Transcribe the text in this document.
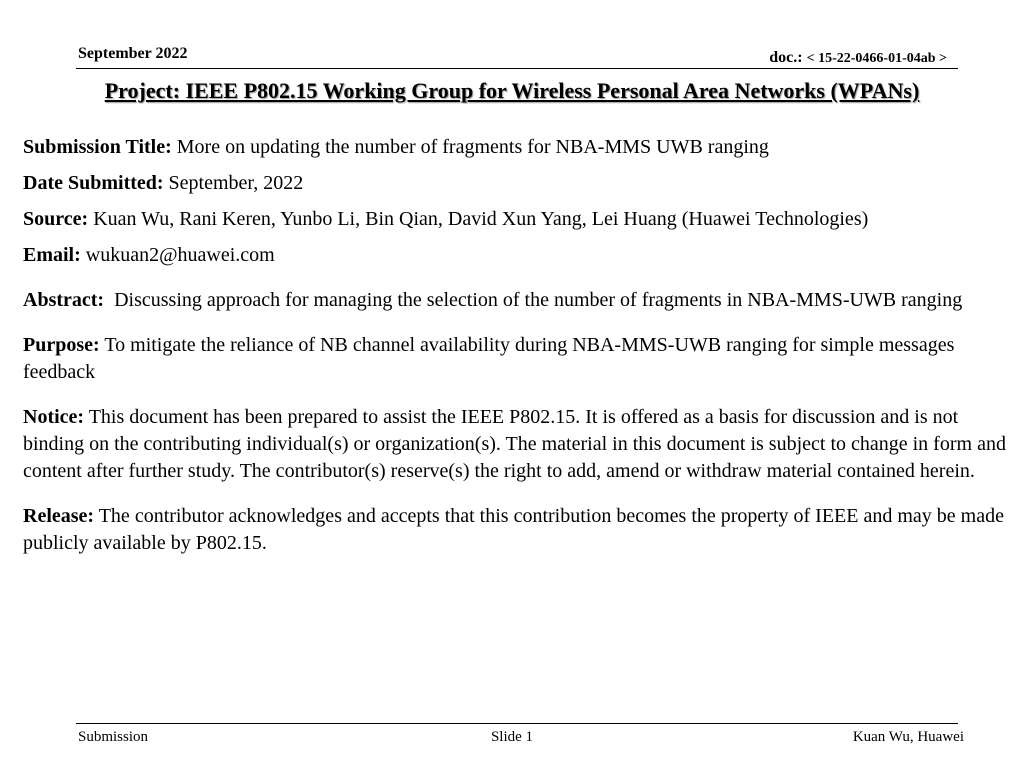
September 2022	doc.: < 15-22-0466-01-04ab >
Project: IEEE P802.15 Working Group for Wireless Personal Area Networks (WPANs)

Submission Title: More on updating the number of fragments for NBA-MMS UWB ranging

Date Submitted: September, 2022

Source: Kuan Wu, Rani Keren, Yunbo Li, Bin Qian, David Xun Yang, Lei Huang (Huawei Technologies)

Email: wukuan2@huawei.com

Abstract: Discussing approach for managing the selection of the number of fragments in NBA-MMS-UWB ranging

Purpose: To mitigate the reliance of NB channel availability during NBA-MMS-UWB ranging for simple messages feedback

Notice: This document has been prepared to assist the IEEE P802.15. It is offered as a basis for discussion and is not binding on the contributing individual(s) or organization(s). The material in this document is subject to change in form and content after further study. The contributor(s) reserve(s) the right to add, amend or withdraw material contained herein.

Release: The contributor acknowledges and accepts that this contribution becomes the property of IEEE and may be made publicly available by P802.15.

Submission	Slide 1	Kuan Wu, Huawei
